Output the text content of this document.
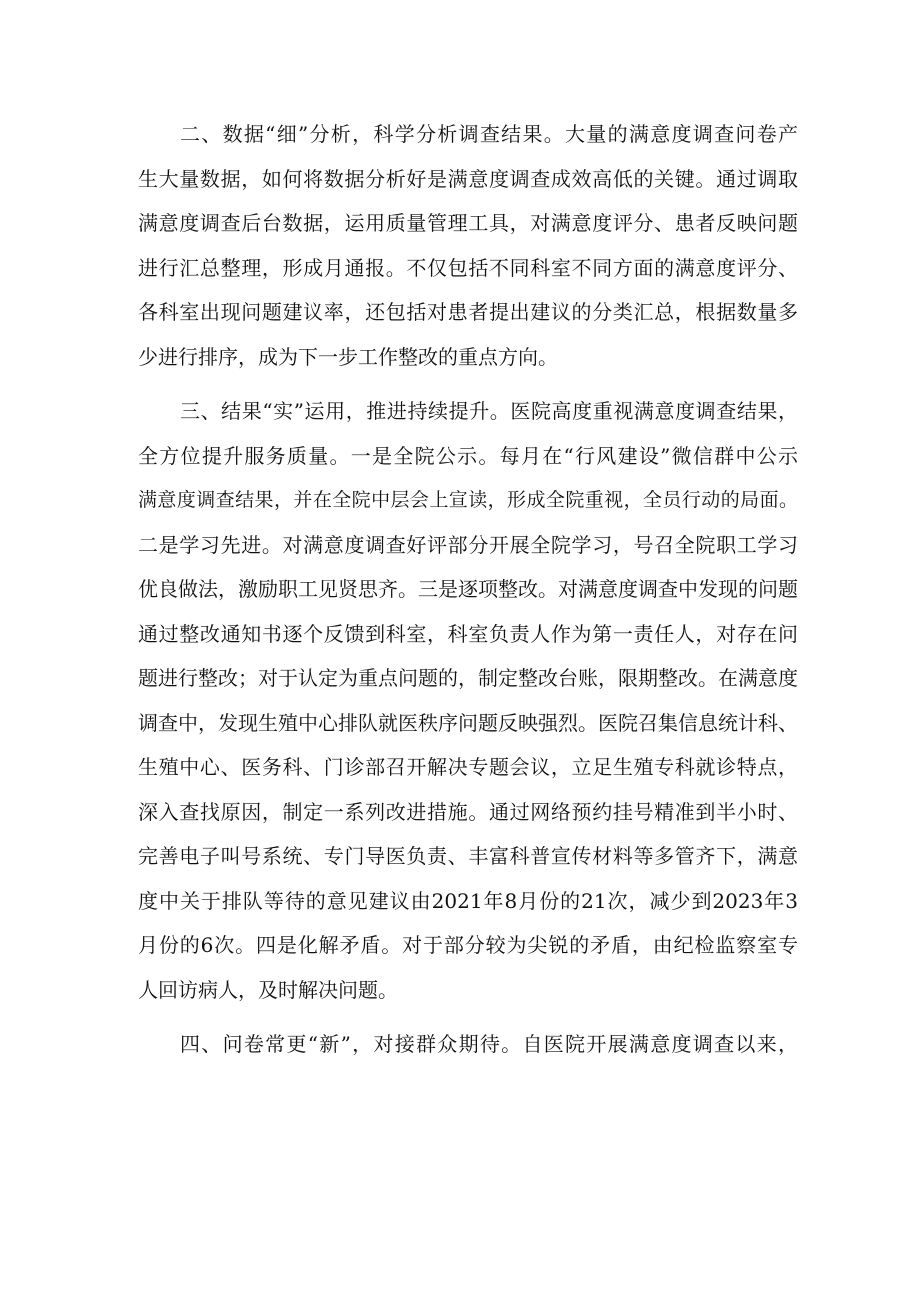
二、数据“细”分析，科学分析调查结果。大量的满意度调查问卷产
生大量数据，如何将数据分析好是满意度调查成效高低的关键。通过调取
满意度调查后台数据，运用质量管理工具，对满意度评分、患者反映问题
进行汇总整理，形成月通报。不仅包括不同科室不同方面的满意度评分、
各科室出现问题建议率，还包括对患者提出建议的分类汇总，根据数量多
少进行排序，成为下一步工作整改的重点方向。
三、结果“实”运用，推进持续提升。医院高度重视满意度调查结果，
全方位提升服务质量。一是全院公示。每月在“行风建设”微信群中公示
满意度调查结果，并在全院中层会上宣读，形成全院重视，全员行动的局面。
二是学习先进。对满意度调查好评部分开展全院学习，号召全院职工学习
优良做法，激励职工见贤思齐。三是逐项整改。对满意度调查中发现的问题
通过整改通知书逐个反馈到科室，科室负责人作为第一责任人，对存在问
题进行整改；对于认定为重点问题的，制定整改台账，限期整改。在满意度
调查中，发现生殖中心排队就医秩序问题反映强烈。医院召集信息统计科、
生殖中心、医务科、门诊部召开解决专题会议，立足生殖专科就诊特点，
深入查找原因，制定一系列改进措施。通过网络预约挂号精准到半小时、
完善电子叫号系统、专门导医负责、丰富科普宣传材料等多管齐下，满意
度中关于排队等待的意见建议由2021年8月份的21次，减少到2023年3
月份的6次。四是化解矛盾。对于部分较为尖锐的矛盾，由纪检监察室专
人回访病人，及时解决问题。
四、问卷常更“新”，对接群众期待。自医院开展满意度调查以来，
